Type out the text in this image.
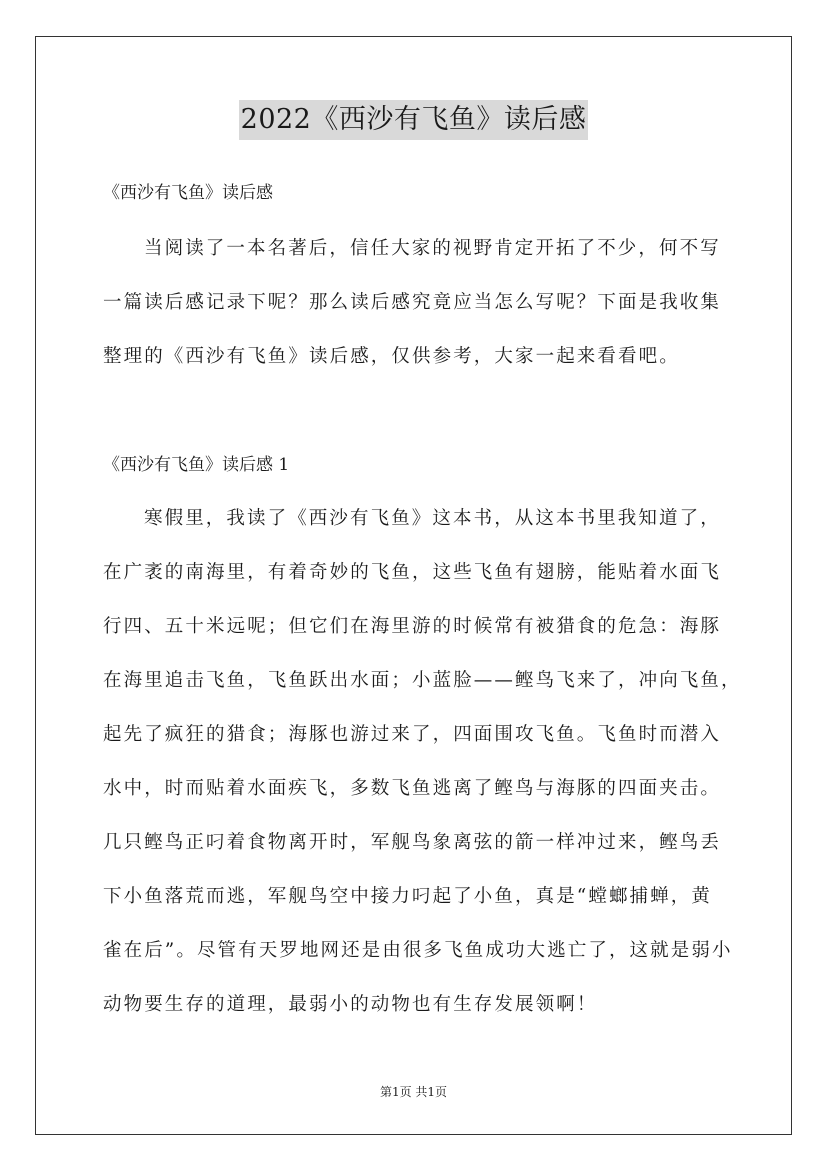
2022《西沙有飞鱼》读后感
《西沙有飞鱼》读后感

当阅读了一本名著后，信任大家的视野肯定开拓了不少，何不写
一篇读后感记录下呢？那么读后感究竟应当怎么写呢？下面是我收集
整理的《西沙有飞鱼》读后感，仅供参考，大家一起来看看吧。

《西沙有飞鱼》读后感 1

寒假里，我读了《西沙有飞鱼》这本书，从这本书里我知道了，
在广袤的南海里，有着奇妙的飞鱼，这些飞鱼有翅膀，能贴着水面飞
行四、五十米远呢；但它们在海里游的时候常有被猎食的危急：海豚
在海里追击飞鱼，飞鱼跃出水面；小蓝脸——鲣鸟飞来了，冲向飞鱼，
起先了疯狂的猎食；海豚也游过来了，四面围攻飞鱼。飞鱼时而潜入
水中，时而贴着水面疾飞，多数飞鱼逃离了鲣鸟与海豚的四面夹击。
几只鲣鸟正叼着食物离开时，军舰鸟象离弦的箭一样冲过来，鲣鸟丢
下小鱼落荒而逃，军舰鸟空中接力叼起了小鱼，真是“螳螂捕蝉，黄
雀在后”。尽管有天罗地网还是由很多飞鱼成功大逃亡了，这就是弱小
动物要生存的道理，最弱小的动物也有生存发展领啊！

第1页 共1页
